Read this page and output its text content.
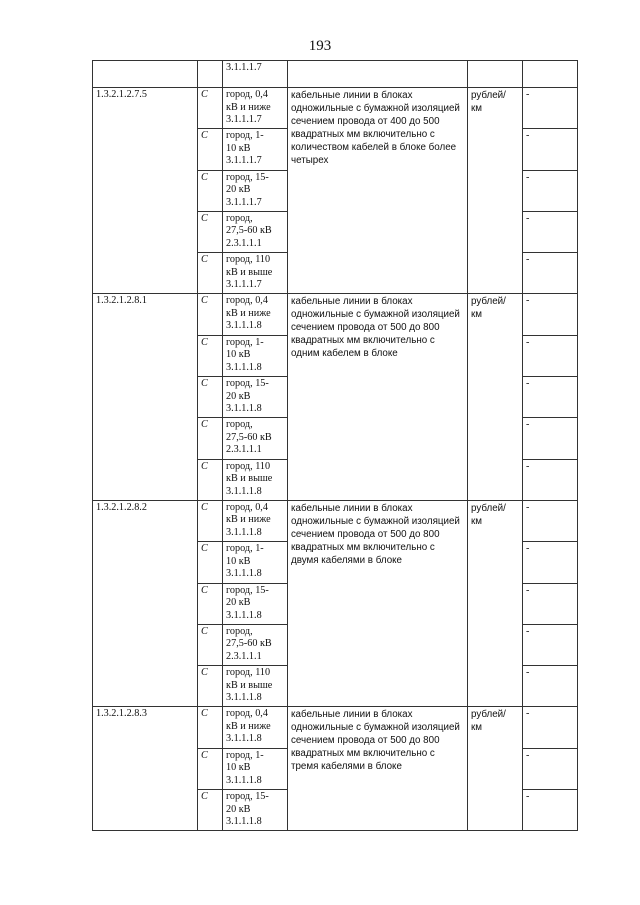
193

		3.1.1.1.7			

1.3.2.1.2.7.5	С	город, 0,4
кВ и ниже
3.1.1.1.7	кабельные линии в блоках одножильные с бумажной изоляцией сечением провода от 400 до 500 квадратных мм включительно с количеством кабелей в блоке более четырех	рублей/ км	-
	С	город, 1-
10 кВ
3.1.1.1.7			-
	С	город, 15-
20 кВ
3.1.1.1.7			-
	С	город,
27,5-60 кВ
2.3.1.1.1			-
	С	город, 110
кВ и выше
3.1.1.1.7			-
1.3.2.1.2.8.1	С	город, 0,4
кВ и ниже
3.1.1.1.8	кабельные линии в блоках одножильные с бумажной изоляцией сечением провода от 500 до 800 квадратных мм включительно с одним кабелем в блоке	рублей/ км	-
	С	город, 1-
10 кВ
3.1.1.1.8			-
	С	город, 15-
20 кВ
3.1.1.1.8			-
	С	город,
27,5-60 кВ
2.3.1.1.1			-
	С	город, 110
кВ и выше
3.1.1.1.8			-
1.3.2.1.2.8.2	С	город, 0,4
кВ и ниже
3.1.1.1.8	кабельные линии в блоках одножильные с бумажной изоляцией сечением провода от 500 до 800 квадратных мм включительно с двумя кабелями в блоке	рублей/ км	-
	С	город, 1-
10 кВ
3.1.1.1.8			-
	С	город, 15-
20 кВ
3.1.1.1.8			-
	С	город,
27,5-60 кВ
2.3.1.1.1			-
	С	город, 110
кВ и выше
3.1.1.1.8			-
1.3.2.1.2.8.3	С	город, 0,4
кВ и ниже
3.1.1.1.8	кабельные линии в блоках одножильные с бумажной изоляцией сечением провода от 500 до 800 квадратных мм включительно с тремя кабелями в блоке	рублей/ км	-
	С	город, 1-
10 кВ
3.1.1.1.8			-
	С	город, 15-
20 кВ
3.1.1.1.8			-
